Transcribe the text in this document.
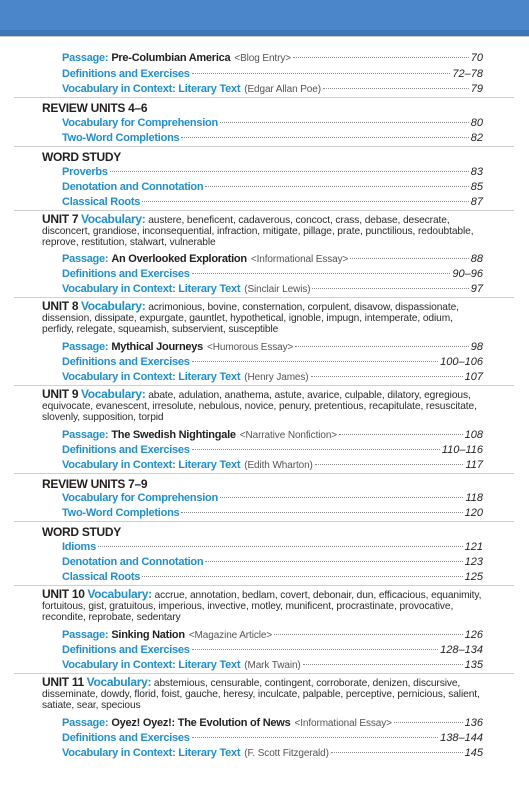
Passage: Pre-Columbian America <Blog Entry>	70
Definitions and Exercises	72–78
Vocabulary in Context: Literary Text (Edgar Allan Poe)	79
REVIEW UNITS 4–6
Vocabulary for Comprehension	80
Two-Word Completions	82
WORD STUDY
Proverbs	83
Denotation and Connotation	85
Classical Roots	87
UNIT 7 Vocabulary: austere, beneficent, cadaverous, concoct, crass, debase, desecrate, disconcert, grandiose, inconsequential, infraction, mitigate, pillage, prate, punctilious, redoubtable, reprove, restitution, stalwart, vulnerable
Passage: An Overlooked Exploration <Informational Essay>	88
Definitions and Exercises	90–96
Vocabulary in Context: Literary Text (Sinclair Lewis)	97
UNIT 8 Vocabulary: acrimonious, bovine, consternation, corpulent, disavow, dispassionate, dissension, dissipate, expurgate, gauntlet, hypothetical, ignoble, impugn, intemperate, odium, perfidy, relegate, squeamish, subservient, susceptible
Passage: Mythical Journeys <Humorous Essay>	98
Definitions and Exercises	100–106
Vocabulary in Context: Literary Text (Henry James)	107
UNIT 9 Vocabulary: abate, adulation, anathema, astute, avarice, culpable, dilatory, egregious, equivocate, evanescent, irresolute, nebulous, novice, penury, pretentious, recapitulate, resuscitate, slovenly, supposition, torpid
Passage: The Swedish Nightingale <Narrative Nonfiction>	108
Definitions and Exercises	110–116
Vocabulary in Context: Literary Text (Edith Wharton)	117
REVIEW UNITS 7–9
Vocabulary for Comprehension	118
Two-Word Completions	120
WORD STUDY
Idioms	121
Denotation and Connotation	123
Classical Roots	125
UNIT 10 Vocabulary: accrue, annotation, bedlam, covert, debonair, dun, efficacious, equanimity, fortuitous, gist, gratuitous, imperious, invective, motley, munificent, procrastinate, provocative, recondite, reprobate, sedentary
Passage: Sinking Nation <Magazine Article>	126
Definitions and Exercises	128–134
Vocabulary in Context: Literary Text (Mark Twain)	135
UNIT 11 Vocabulary: abstemious, censurable, contingent, corroborate, denizen, discursive, disseminate, dowdy, florid, foist, gauche, heresy, inculcate, palpable, perceptive, pernicious, salient, satiate, sear, specious
Passage: Oyez! Oyez!: The Evolution of News <Informational Essay>	136
Definitions and Exercises	138–144
Vocabulary in Context: Literary Text (F. Scott Fitzgerald)	145
